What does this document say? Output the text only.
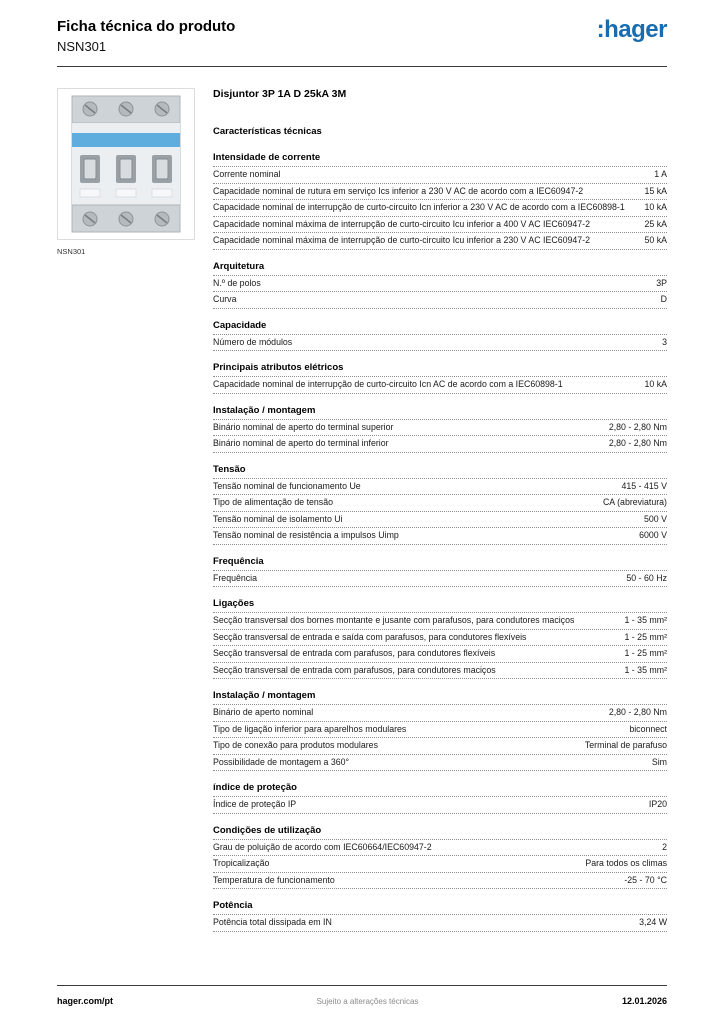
Ficha técnica do produto
NSN301
:hager
NSN301
Disjuntor 3P 1A D 25kA 3M
Características técnicas
Intensidade de corrente
Corrente nominal	1 A
Capacidade nominal de rutura em serviço Ics inferior a 230 V AC de acordo com a IEC60947-2	15 kA
Capacidade nominal de interrupção de curto-circuito Icn inferior a 230 V AC de acordo com a IEC60898-1	10 kA
Capacidade nominal máxima de interrupção de curto-circuito Icu inferior a 400 V AC IEC60947-2	25 kA
Capacidade nominal máxima de interrupção de curto-circuito Icu inferior a 230 V AC IEC60947-2	50 kA
Arquitetura
N.º de polos	3P
Curva	D
Capacidade
Número de módulos	3
Principais atributos elétricos
Capacidade nominal de interrupção de curto-circuito Icn AC de acordo com a IEC60898-1	10 kA
Instalação / montagem
Binário nominal de aperto do terminal superior	2,80 - 2,80 Nm
Binário nominal de aperto do terminal inferior	2,80 - 2,80 Nm
Tensão
Tensão nominal de funcionamento Ue	415 - 415 V
Tipo de alimentação de tensão	CA (abreviatura)
Tensão nominal de isolamento Ui	500 V
Tensão nominal de resistência a impulsos Uimp	6000 V
Frequência
Frequência	50 - 60 Hz
Ligações
Secção transversal dos bornes montante e jusante com parafusos, para condutores maciços	1 - 35 mm²
Secção transversal de entrada e saída com parafusos, para condutores flexíveis	1 - 25 mm²
Secção transversal de entrada com parafusos, para condutores flexíveis	1 - 25 mm²
Secção transversal de entrada com parafusos, para condutores maciços	1 - 35 mm²
Instalação / montagem
Binário de aperto nominal	2,80 - 2,80 Nm
Tipo de ligação inferior para aparelhos modulares	biconnect
Tipo de conexão para produtos modulares	Terminal de parafuso
Possibilidade de montagem a 360°	Sim
índice de proteção
Índice de proteção IP	IP20
Condições de utilização
Grau de poluição de acordo com IEC60664/IEC60947-2	2
Tropicalização	Para todos os climas
Temperatura de funcionamento	-25 - 70 °C
Potência
Potência total dissipada em IN	3,24 W
hager.com/pt	Sujeito a alterações técnicas	12.01.2026
